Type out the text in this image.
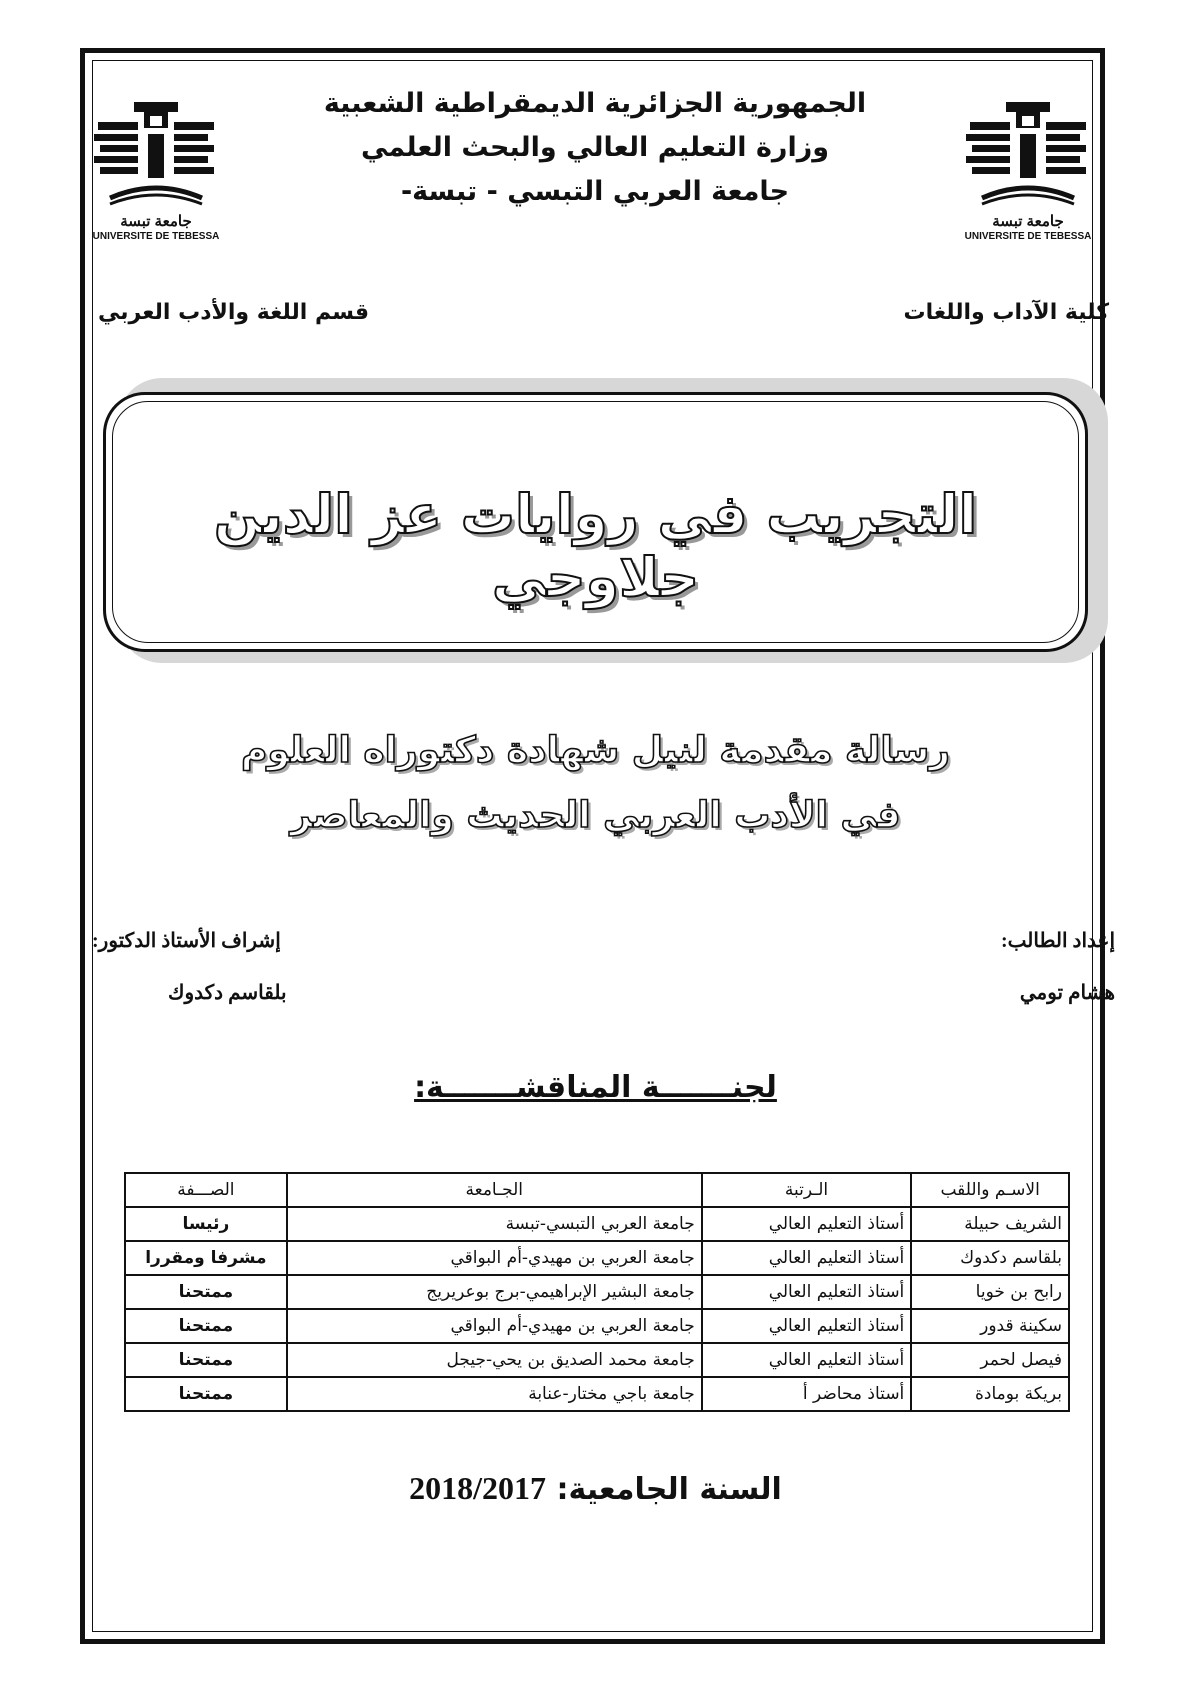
جامعة تبسة
UNIVERSITE DE TEBESSA
جامعة تبسة
UNIVERSITE DE TEBESSA
الجمهورية الجزائرية الديمقراطية الشعبية
وزارة التعليم العالي والبحث العلمي
جامعة العربي التبسي - تبسة-
كلية الآداب واللغات
قسم اللغة والأدب العربي
التجريب في روايات عز الدين جلاوجي
رسالة مقدمة لنيل شهادة دكتوراه العلوم
في الأدب العربي الحديث والمعاصر
إعداد الطالب:
هشام تومي
إشراف الأستاذ الدكتور:
بلقاسم دكدوك
لجنـــــــة المناقشـــــــة:
الاسـم واللقب	الـرتبة	الجـامعة	الصـــفة
الشريف حبيلة	أستاذ التعليم العالي	جامعة العربي التبسي-تبسة	رئيسا
بلقاسم دكدوك	أستاذ التعليم العالي	جامعة العربي بن مهيدي-أم البواقي	مشرفا ومقررا
رابح بن خويا	أستاذ التعليم العالي	جامعة البشير الإبراهيمي-برج بوعريريج	ممتحنا
سكينة قدور	أستاذ التعليم العالي	جامعة العربي بن مهيدي-أم البواقي	ممتحنا
فيصل لحمر	أستاذ التعليم العالي	جامعة محمد الصديق بن يحي-جيجل	ممتحنا
بريكة بومادة	أستاذ محاضر أ	جامعة باجي مختار-عنابة	ممتحنا
السنة الجامعية: 2018/2017
